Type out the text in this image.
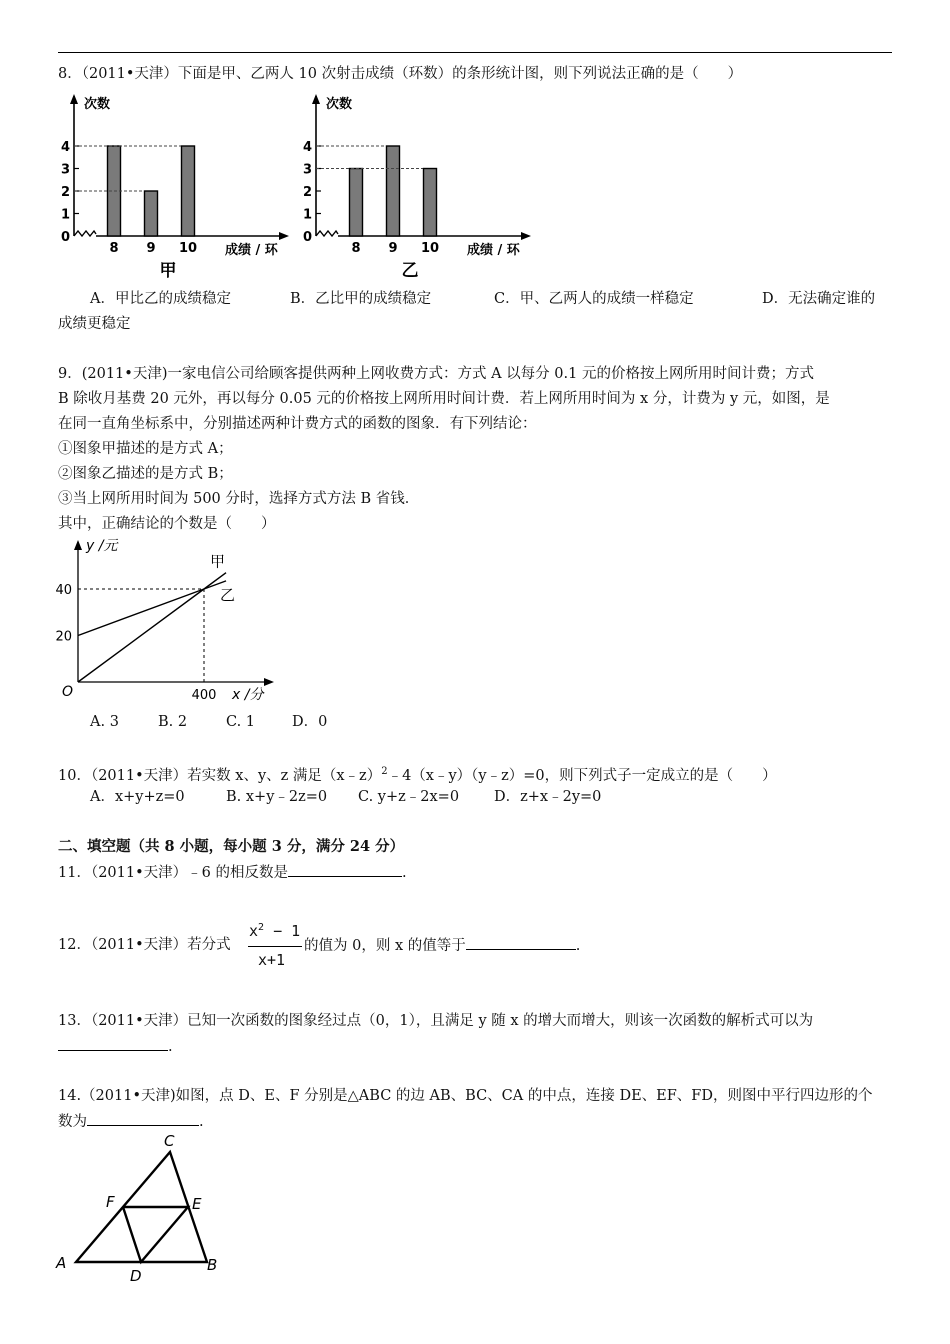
8．（2011•天津）下面是甲、乙两人 10 次射击成绩（环数）的条形统计图，则下列说法正确的是（　　）
次数
成绩 / 环
0
1
2
3
4
8 9 10
甲
次数
成绩 / 环
0
1
2
3
4
8 9 10
乙
A．甲比乙的成绩稳定	B．乙比甲的成绩稳定	C．甲、乙两人的成绩一样稳定	D．无法确定谁的
成绩更稳定
9．(2011•天津)一家电信公司给顾客提供两种上网收费方式：方式 A 以每分 0.1 元的价格按上网所用时间计费；方式
B 除收月基费 20 元外，再以每分 0.05 元的价格按上网所用时间计费．若上网所用时间为 x 分，计费为 y 元，如图，是
在同一直角坐标系中，分别描述两种计费方式的函数的图象．有下列结论：
①图象甲描述的是方式 A；
②图象乙描述的是方式 B；
③当上网所用时间为 500 分时，选择方式方法 B 省钱．
其中，正确结论的个数是（　　）
y /元
x /分
O
20
40
400
甲
乙
A. 3	B. 2	C. 1	D．0
10．（2011•天津）若实数 x、y、z 满足（x﹣z）$^2$﹣4（x﹣y）（y﹣z）=0，则下列式子一定成立的是（　　）
A．x+y+z=0	B. x+y﹣2z=0 C. y+z﹣2x=0 D．z+x﹣2y=0
二、填空题（共 8 小题，每小题 3 分，满分 24 分）
11．（2011•天津）﹣6 的相反数是	.
12．（2011•天津）若分式
$x^2 - 1$
x+1
的值为 0，则 x 的值等于	.
13．（2011•天津）已知一次函数的图象经过点（0，1），且满足 y 随 x 的增大而增大，则该一次函数的解析式可以为
.
14.（2011•天津)如图，点 D、E、F 分别是△ABC 的边 AB、BC、CA 的中点，连接 DE、EF、FD，则图中平行四边形的个
数为	.
C
F	E
A
D
B
